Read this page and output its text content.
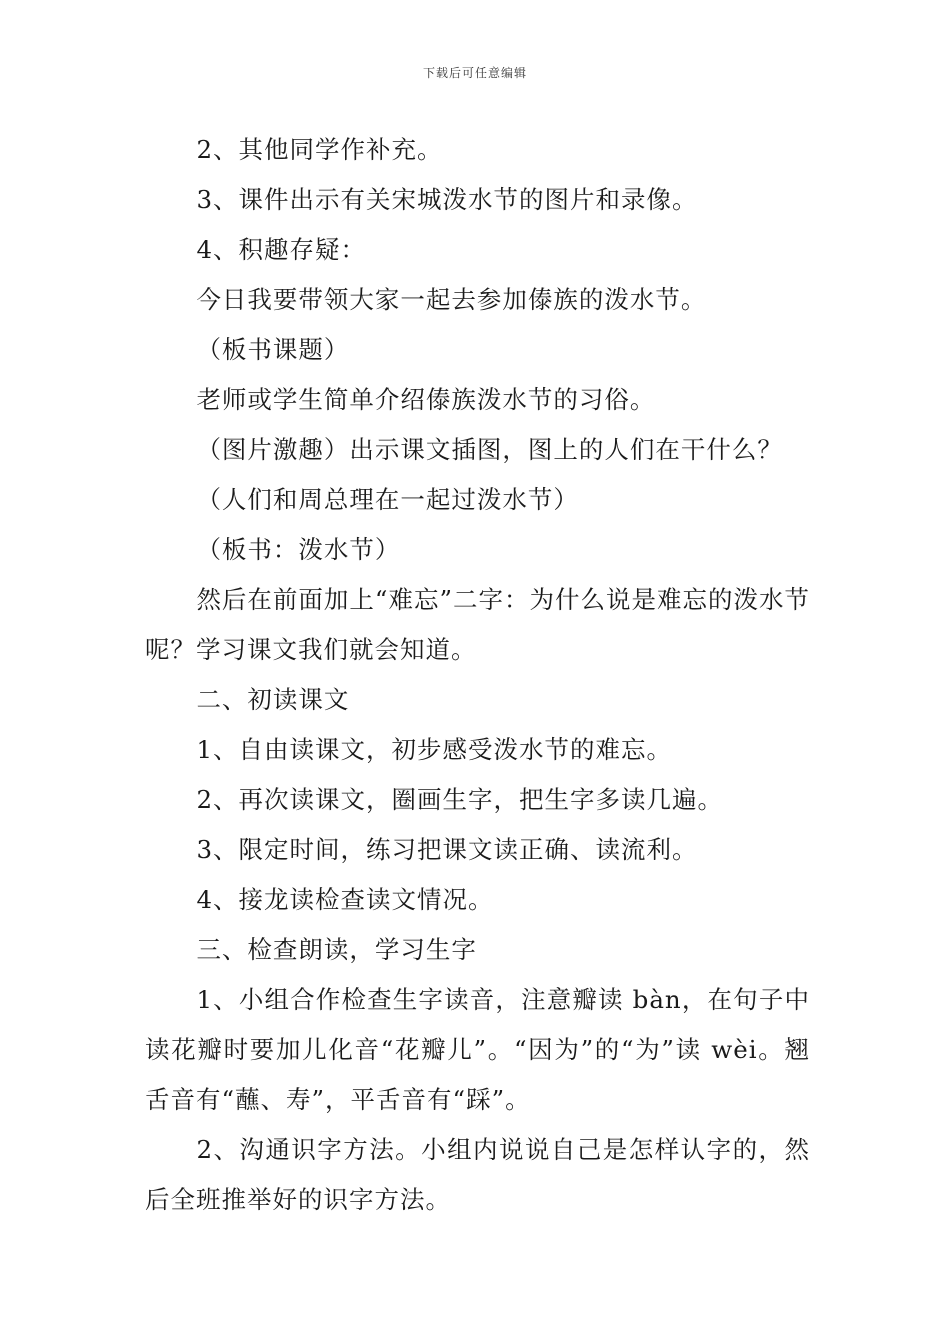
下载后可任意编辑

2、其他同学作补充。

3、课件出示有关宋城泼水节的图片和录像。

4、积趣存疑：

今日我要带领大家一起去参加傣族的泼水节。

（板书课题）

老师或学生简单介绍傣族泼水节的习俗。

（图片激趣）出示课文插图，图上的人们在干什么？

（人们和周总理在一起过泼水节）

（板书：泼水节）

然后在前面加上“难忘”二字：为什么说是难忘的泼水节呢？学习课文我们就会知道。

二、初读课文

1、自由读课文，初步感受泼水节的难忘。

2、再次读课文，圈画生字，把生字多读几遍。

3、限定时间，练习把课文读正确、读流利。

4、接龙读检查读文情况。

三、检查朗读，学习生字

1、小组合作检查生字读音，注意瓣读 bàn，在句子中读花瓣时要加儿化音“花瓣儿”。“因为”的“为”读 wèi。翘舌音有“蘸、寿”，平舌音有“踩”。

2、沟通识字方法。小组内说说自己是怎样认字的，然后全班推举好的识字方法。
